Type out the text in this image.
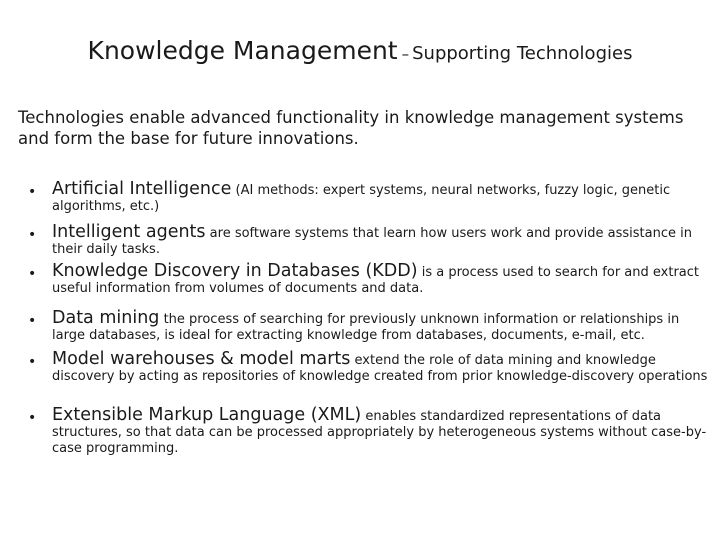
Knowledge Management – Supporting Technologies
Technologies enable advanced functionality in knowledge management systems and form the base for future innovations.
• Artificial Intelligence (AI methods: expert systems, neural networks, fuzzy logic, genetic algorithms, etc.)
• Intelligent agents are software systems that learn how users work and provide assistance in their daily tasks.
• Knowledge Discovery in Databases (KDD) is a process used to search for and extract useful information from volumes of documents and data.
• Data mining the process of searching for previously unknown information or relationships in large databases, is ideal for extracting knowledge from databases, documents, e-mail, etc.
• Model warehouses & model marts extend the role of data mining and knowledge discovery by acting as repositories of knowledge created from prior knowledge-discovery operations
• Extensible Markup Language (XML) enables standardized representations of data structures, so that data can be processed appropriately by heterogeneous systems without case-by-case programming.
